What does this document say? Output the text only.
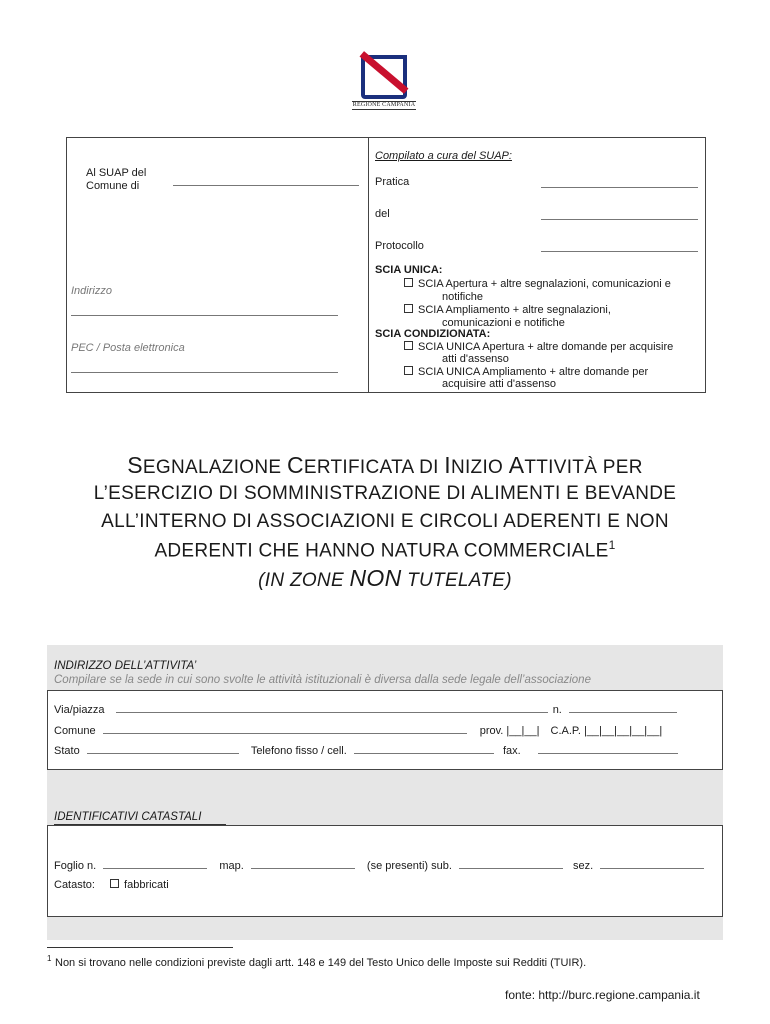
REGIONE CAMPANIA
Al SUAP del
Comune di
Indirizzo
PEC / Posta elettronica
Compilato a cura del SUAP:
Pratica
del
Protocollo
SCIA UNICA:
SCIA Apertura + altre segnalazioni, comunicazioni e
notifiche
SCIA Ampliamento + altre segnalazioni,
comunicazioni e notifiche
SCIA CONDIZIONATA:
SCIA UNICA Apertura + altre domande per acquisire
atti d'assenso
SCIA UNICA Ampliamento + altre domande per
acquisire atti d'assenso
SEGNALAZIONE CERTIFICATA DI INIZIO ATTIVITÀ PER
L’ESERCIZIO DI SOMMINISTRAZIONE DI ALIMENTI E BEVANDE
ALL’INTERNO DI ASSOCIAZIONI E CIRCOLI ADERENTI E NON
ADERENTI CHE HANNO NATURA COMMERCIALE$^1$
(IN ZONE NON TUTELATE)
INDIRIZZO DELL’ATTIVITA’
Compilare se la sede in cui sono svolte le attività istituzionali è diversa dalla sede legale dell’associazione
Via/piazza	n.
Comune	prov. |__|__| C.A.P. |__|__|__|__|__|
Stato	Telefono fisso / cell.	fax.
IDENTIFICATIVI CATASTALI
Foglio n.	map.	(se presenti) sub.	sez.
Catasto:	fabbricati
1 Non si trovano nelle condizioni previste dagli artt. 148 e 149 del Testo Unico delle Imposte sui Redditi (TUIR).
fonte: http://burc.regione.campania.it
